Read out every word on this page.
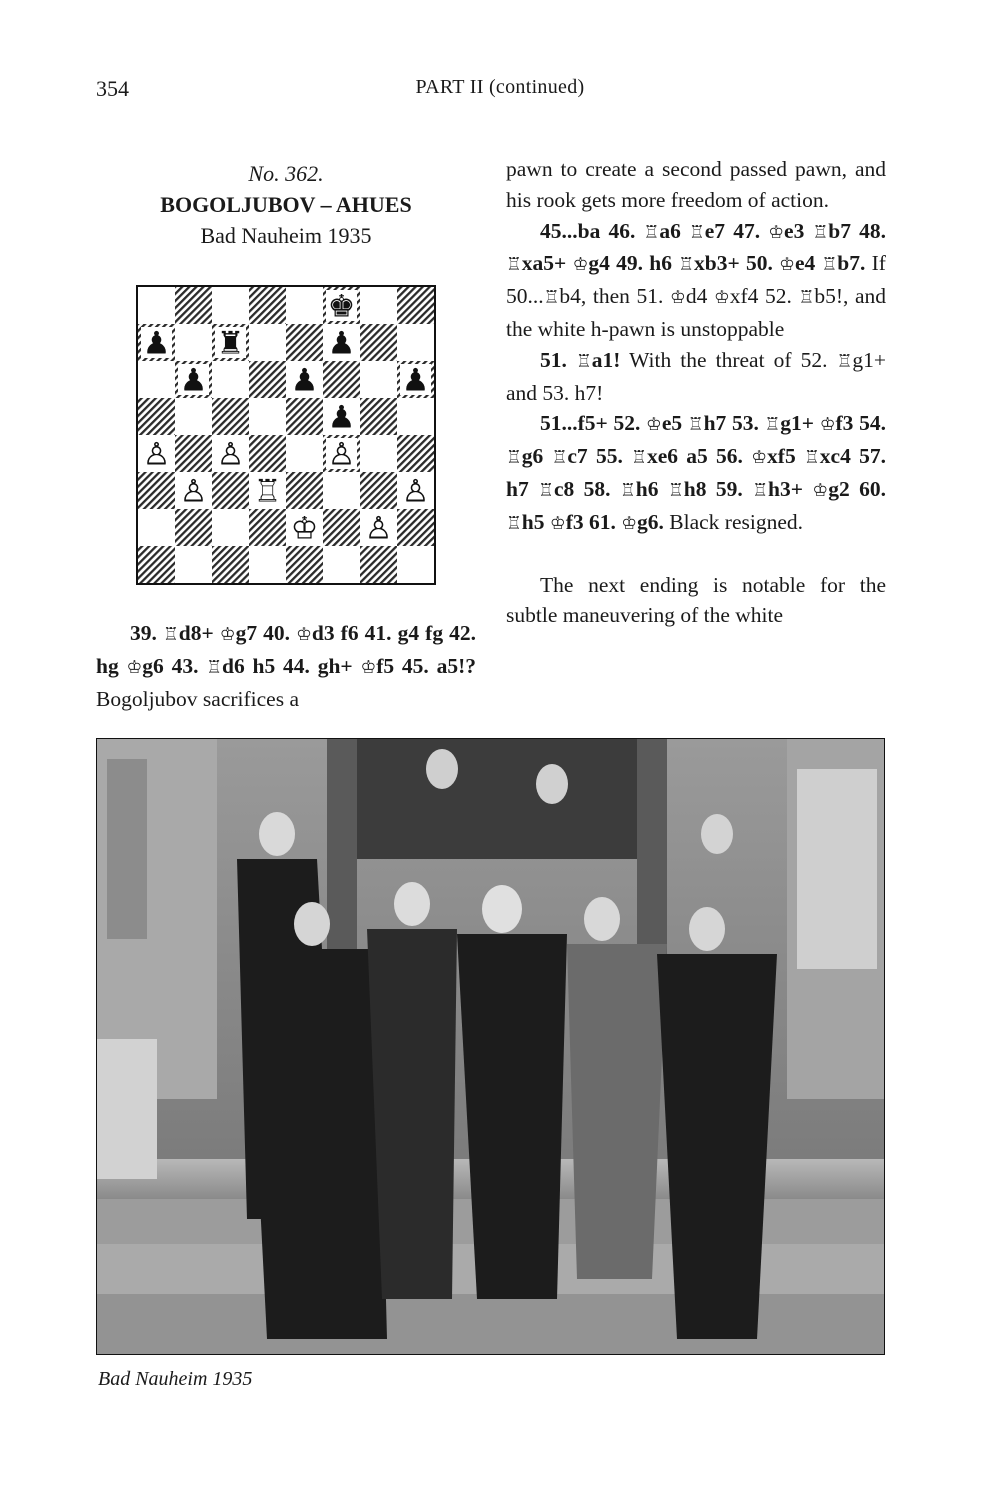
354	PART II (continued)
No. 362.
BOGOLJUBOV – AHUES
Bad Nauheim 1935
♚
♟ ♜	♟
♟	♟	♟
♟
♙ ♙	♙
♙ ♖	♙
♔ ♙

39. ♖d8+ ♔g7 40. ♔d3 f6 41. g4 fg 42. hg ♔g6 43. ♖d6 h5 44. gh+ ♔f5 45. a5!? Bogoljubov sacrifices a

pawn to create a second passed pawn, and his rook gets more freedom of action.

45...ba 46. ♖a6 ♖e7 47. ♔e3 ♖b7 48. ♖xa5+ ♔g4 49. h6 ♖xb3+ 50. ♔e4 ♖b7. If 50...♖b4, then 51. ♔d4 ♔xf4 52. ♖b5!, and the white h-pawn is unstoppable

51. ♖a1! With the threat of 52. ♖g1+ and 53. h7!

51...f5+ 52. ♔e5 ♖h7 53. ♖g1+ ♔f3 54. ♖g6 ♖c7 55. ♖xe6 a5 56. ♔xf5 ♖xc4 57. h7 ♖c8 58. ♖h6 ♖h8 59. ♖h3+ ♔g2 60. ♖h5 ♔f3 61. ♔g6. Black resigned.

The next ending is notable for the subtle maneuvering of the white

Bad Nauheim 1935
